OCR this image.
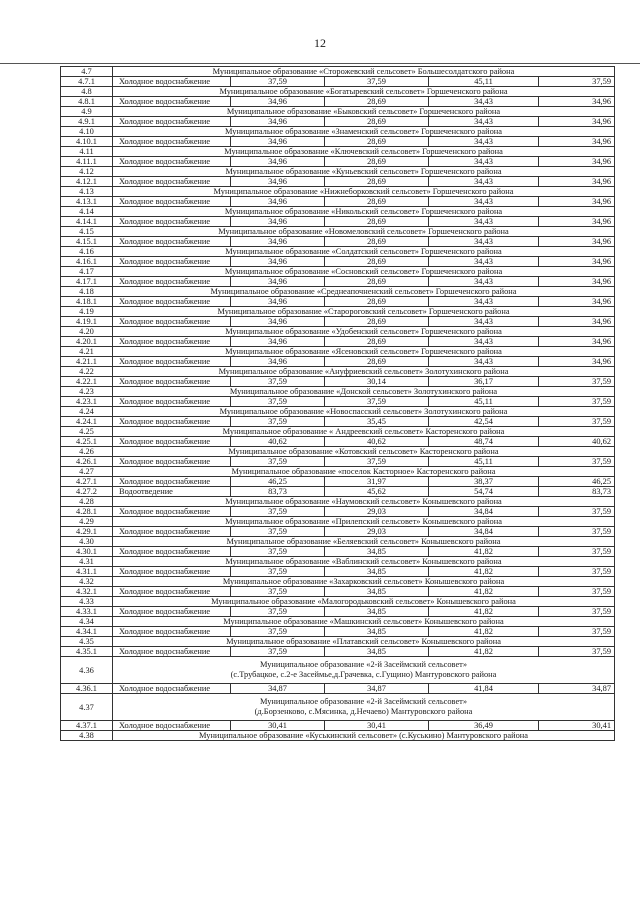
12
4.7	Муниципальное образование «Сторожевский сельсовет» Большесолдатского района				
4.7.1	Холодное водоснабжение	37,59	37,59	45,11	37,59
4.8	Муниципальное образование «Богатыревский сельсовет» Горшеченского района				
4.8.1	Холодное водоснабжение	34,96	28,69	34,43	34,96
4.9	Муниципальное образование «Быковский сельсовет» Горшеченского района				
4.9.1	Холодное водоснабжение	34,96	28,69	34,43	34,96
4.10	Муниципальное образование «Знаменский сельсовет» Горшеченского района				
4.10.1	Холодное водоснабжение	34,96	28,69	34,43	34,96
4.11	Муниципальное образование «Ключевский сельсовет» Горшеченского района				
4.11.1	Холодное водоснабжение	34,96	28,69	34,43	34,96
4.12	Муниципальное образование «Куньевский сельсовет» Горшеченского района				
4.12.1	Холодное водоснабжение	34,96	28,69	34,43	34,96
4.13	Муниципальное образование «Нижнеборковский сельсовет» Горшеченского района				
4.13.1	Холодное водоснабжение	34,96	28,69	34,43	34,96
4.14	Муниципальное образование «Никольский сельсовет» Горшеченского района				
4.14.1	Холодное водоснабжение	34,96	28,69	34,43	34,96
4.15	Муниципальное образование «Новомеловский сельсовет» Горшеченского района				
4.15.1	Холодное водоснабжение	34,96	28,69	34,43	34,96
4.16	Муниципальное образование «Солдатский сельсовет» Горшеченского района				
4.16.1	Холодное водоснабжение	34,96	28,69	34,43	34,96
4.17	Муниципальное образование «Сосновский сельсовет» Горшеченского района				
4.17.1	Холодное водоснабжение	34,96	28,69	34,43	34,96
4.18	Муниципальное образование «Среднеапочненский сельсовет» Горшеченского района				
4.18.1	Холодное водоснабжение	34,96	28,69	34,43	34,96
4.19	Муниципальное образование «Старороговский сельсовет» Горшеченского района				
4.19.1	Холодное водоснабжение	34,96	28,69	34,43	34,96
4.20	Муниципальное образование «Удобенский сельсовет» Горшеченского района				
4.20.1	Холодное водоснабжение	34,96	28,69	34,43	34,96
4.21	Муниципальное образование «Ясеновский сельсовет» Горшеченского района				
4.21.1	Холодное водоснабжение	34,96	28,69	34,43	34,96
4.22	Муниципальное образование «Ануфриевский сельсовет» Золотухинского района				
4.22.1	Холодное водоснабжение	37,59	30,14	36,17	37,59
4.23	Муниципальное образование «Донской сельсовет» Золотухинского района				
4.23.1	Холодное водоснабжение	37,59	37,59	45,11	37,59
4.24	Муниципальное образование «Новоспасский сельсовет» Золотухинского района				
4.24.1	Холодное водоснабжение	37,59	35,45	42,54	37,59
4.25	Муниципальное образование « Андреевский сельсовет» Касторенского района				
4.25.1	Холодное водоснабжение	40,62	40,62	48,74	40,62
4.26	Муниципальное образование «Котовский сельсовет» Касторенского района				
4.26.1	Холодное водоснабжение	37,59	37,59	45,11	37,59
4.27	Муниципальное образование «поселок Касторное» Касторенского района				
4.27.1	Холодное водоснабжение	46,25	31,97	38,37	46,25
4.27.2	Водоотведение	83,73	45,62	54,74	83,73
4.28	Муниципальное образование «Наумовский сельсовет» Конышевского района				
4.28.1	Холодное водоснабжение	37,59	29,03	34,84	37,59
4.29	Муниципальное образование «Прилепский сельсовет» Конышевского района				
4.29.1	Холодное водоснабжение	37,59	29,03	34,84	37,59
4.30	Муниципальное образование «Беляевский сельсовет» Конышевского района				
4.30.1	Холодное водоснабжение	37,59	34,85	41,82	37,59
4.31	Муниципальное образование «Ваблинский сельсовет» Конышевского района				
4.31.1	Холодное водоснабжение	37,59	34,85	41,82	37,59
4.32	Муниципальное образование «Захарковский сельсовет» Конышевского района				
4.32.1	Холодное водоснабжение	37,59	34,85	41,82	37,59
4.33	Муниципальное образование «Малогородьковский сельсовет» Конышевского района				
4.33.1	Холодное водоснабжение	37,59	34,85	41,82	37,59
4.34	Муниципальное образование «Машкинский сельсовет» Конышевского района				
4.34.1	Холодное водоснабжение	37,59	34,85	41,82	37,59
4.35	Муниципальное образование «Платавский сельсовет» Конышевского района				
4.35.1	Холодное водоснабжение	37,59	34,85	41,82	37,59
4.36	Муниципальное образование «2-й Засеймский сельсовет»
(с.Трубацкое, с.2-е Засеймье,д.Грачевка, с.Гущино) Мантуровского района				

4.36.1	Холодное водоснабжение	34,87	34,87	41,84	34,87
4.37	Муниципальное образование «2-й Засеймский сельсовет»
(д.Борзенково, с.Мясинка, д.Нечаево) Мантуровского района				

4.37.1	Холодное водоснабжение	30,41	30,41	36,49	30,41
4.38	Муниципальное образование «Куськинский сельсовет» (с.Куськино) Мантуровского района				
